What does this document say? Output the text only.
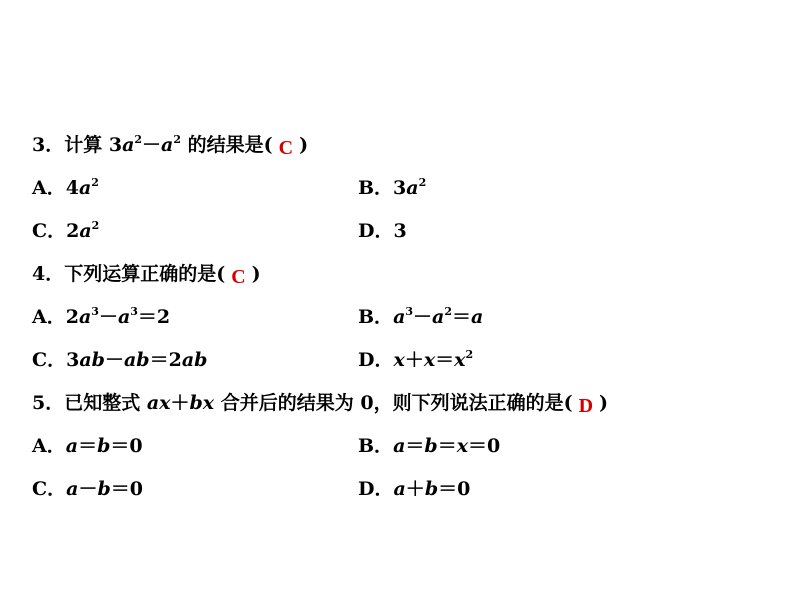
3．计算 $3a^2-a^2$ 的结果是( C )
A．$4a^2$	B．$3a^2$
C．$2a^2$	D．3
4．下列运算正确的是( C )
A．$2a^3-a^3=2$	B．$a^3-a^2=a$
C．3ab－ab＝2ab	D．$x+x=x^2$
5．已知整式 ax＋bx 合并后的结果为 0，则下列说法正确的是( D )
A．a＝b＝0	B．a＝b＝x＝0
C．a－b＝0	D．a＋b＝0
